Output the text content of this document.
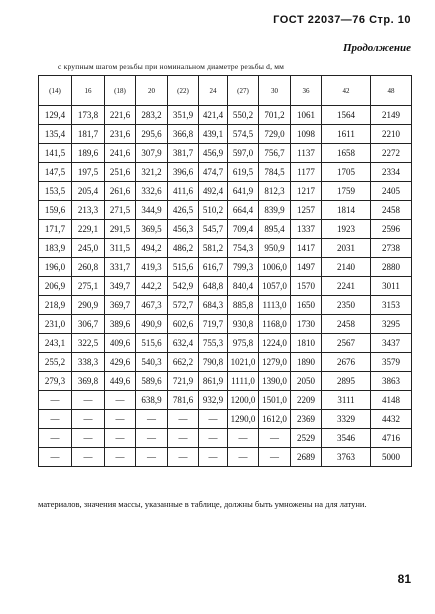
ГОСТ 22037—76 Стр. 10
Продолжение
с крупным шагом резьбы при номинальном диаметре резьбы d, мм
(14)	16	(18)	20	(22)	24	(27)	30	36	42	48
129,4	173,8	221,6	283,2	351,9	421,4	550,2	701,2	1061	1564	2149
135,4	181,7	231,6	295,6	366,8	439,1	574,5	729,0	1098	1611	2210
141,5	189,6	241,6	307,9	381,7	456,9	597,0	756,7	1137	1658	2272
147,5	197,5	251,6	321,2	396,6	474,7	619,5	784,5	1177	1705	2334
153,5	205,4	261,6	332,6	411,6	492,4	641,9	812,3	1217	1759	2405
159,6	213,3	271,5	344,9	426,5	510,2	664,4	839,9	1257	1814	2458
171,7	229,1	291,5	369,5	456,3	545,7	709,4	895,4	1337	1923	2596
183,9	245,0	311,5	494,2	486,2	581,2	754,3	950,9	1417	2031	2738
196,0	260,8	331,7	419,3	515,6	616,7	799,3	1006,0	1497	2140	2880
206,9	275,1	349,7	442,2	542,9	648,8	840,4	1057,0	1570	2241	3011
218,9	290,9	369,7	467,3	572,7	684,3	885,8	1113,0	1650	2350	3153
231,0	306,7	389,6	490,9	602,6	719,7	930,8	1168,0	1730	2458	3295
243,1	322,5	409,6	515,6	632,4	755,3	975,8	1224,0	1810	2567	3437
255,2	338,3	429,6	540,3	662,2	790,8	1021,0	1279,0	1890	2676	3579
279,3	369,8	449,6	589,6	721,9	861,9	1111,0	1390,0	2050	2895	3863
—	—	—	638,9	781,6	932,9	1200,0	1501,0	2209	3111	4148
—	—	—	—	—	—	1290,0	1612,0	2369	3329	4432
—	—	—	—	—	—	—	—	2529	3546	4716
—	—	—	—	—	—	—	—	2689	3763	5000
материалов, значения массы, указанные в таблице, должны быть умножены на для латуни.
81
